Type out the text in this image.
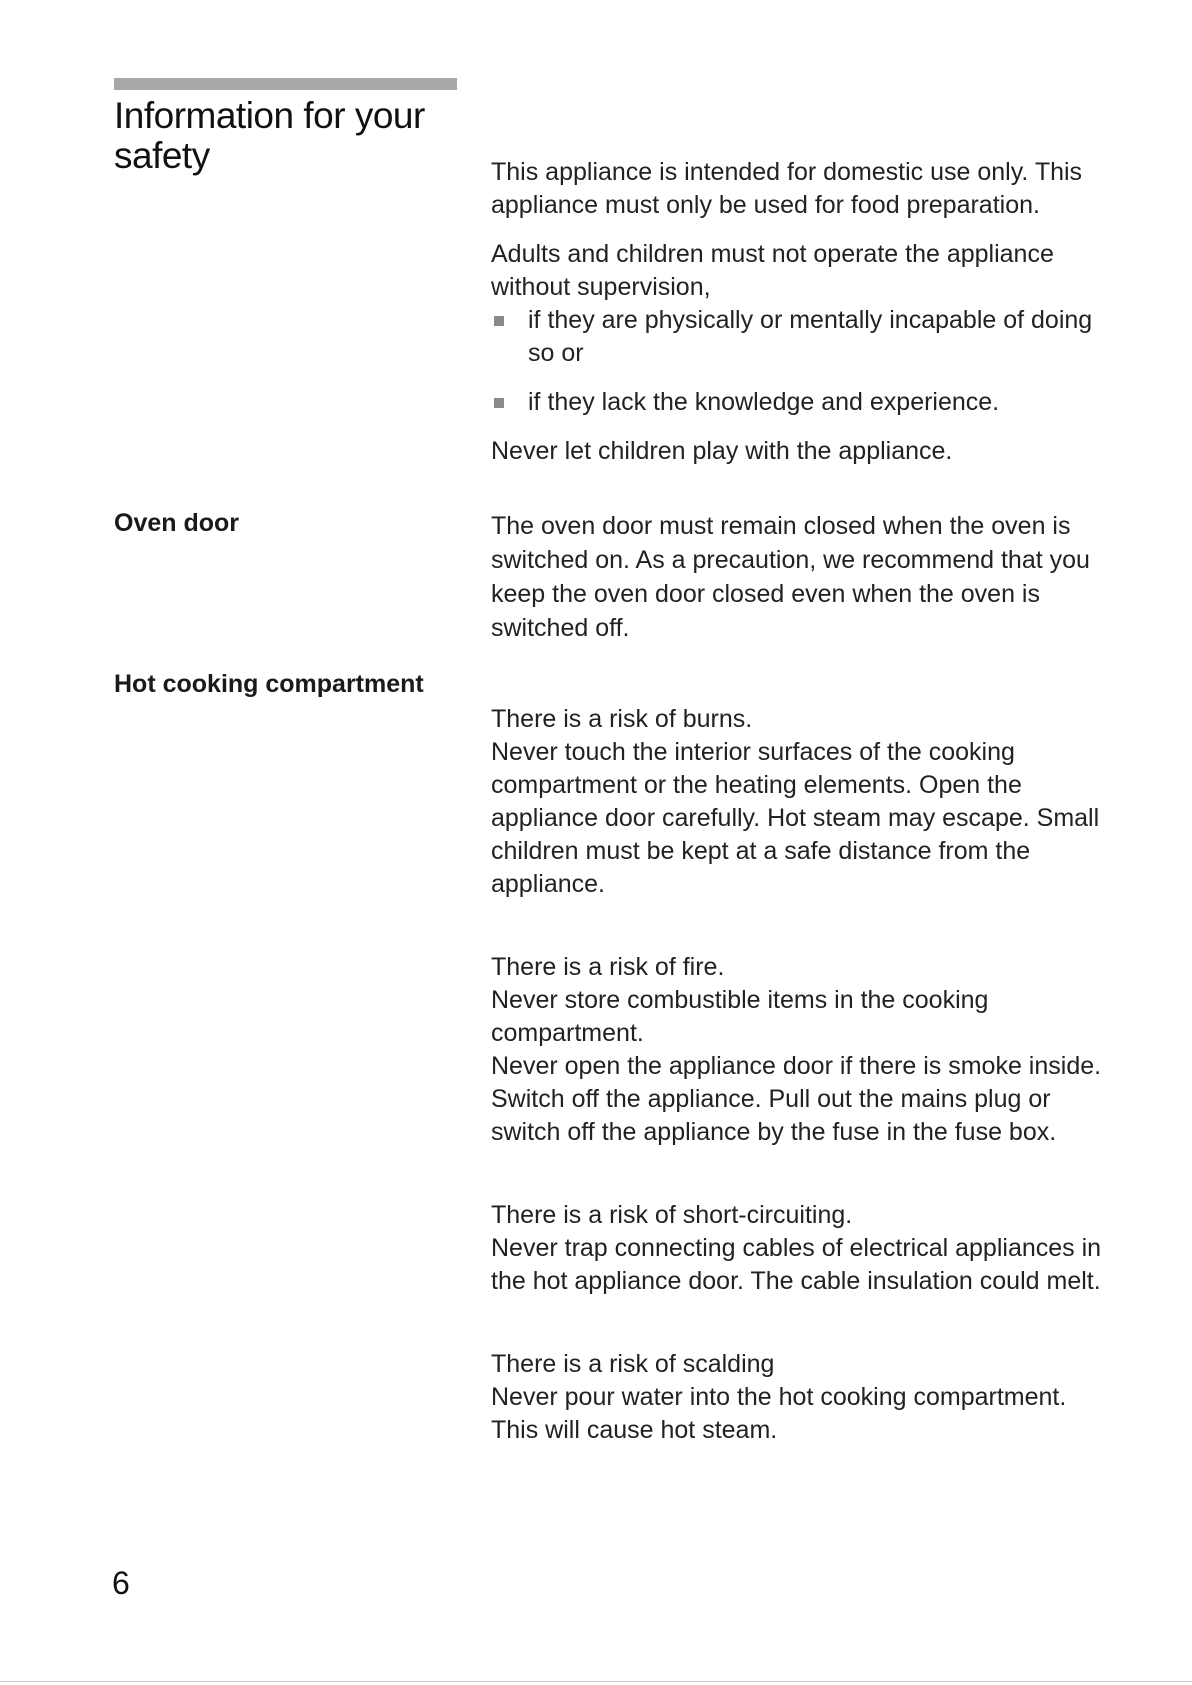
Information for your safety	This appliance is intended for domestic use only. This appliance must only be used for food preparation.

Adults and children must not operate the appliance without supervision,

if they are physically or mentally incapable of doing so or
if they lack the knowledge and experience.

Never let children play with the appliance.

Oven door	The oven door must remain closed when the oven is switched on. As a precaution, we recommend that you keep the oven door closed even when the oven is switched off.

Hot cooking compartment

There is a risk of burns.
Never touch the interior surfaces of the cooking compartment or the heating elements. Open the appliance door carefully. Hot steam may escape. Small children must be kept at a safe distance from the appliance.

There is a risk of fire.
Never store combustible items in the cooking compartment.
Never open the appliance door if there is smoke inside. Switch off the appliance. Pull out the mains plug or switch off the appliance by the fuse in the fuse box.

There is a risk of short-circuiting.
Never trap connecting cables of electrical appliances in the hot appliance door. The cable insulation could melt.

There is a risk of scalding
Never pour water into the hot cooking compartment. This will cause hot steam.

6
